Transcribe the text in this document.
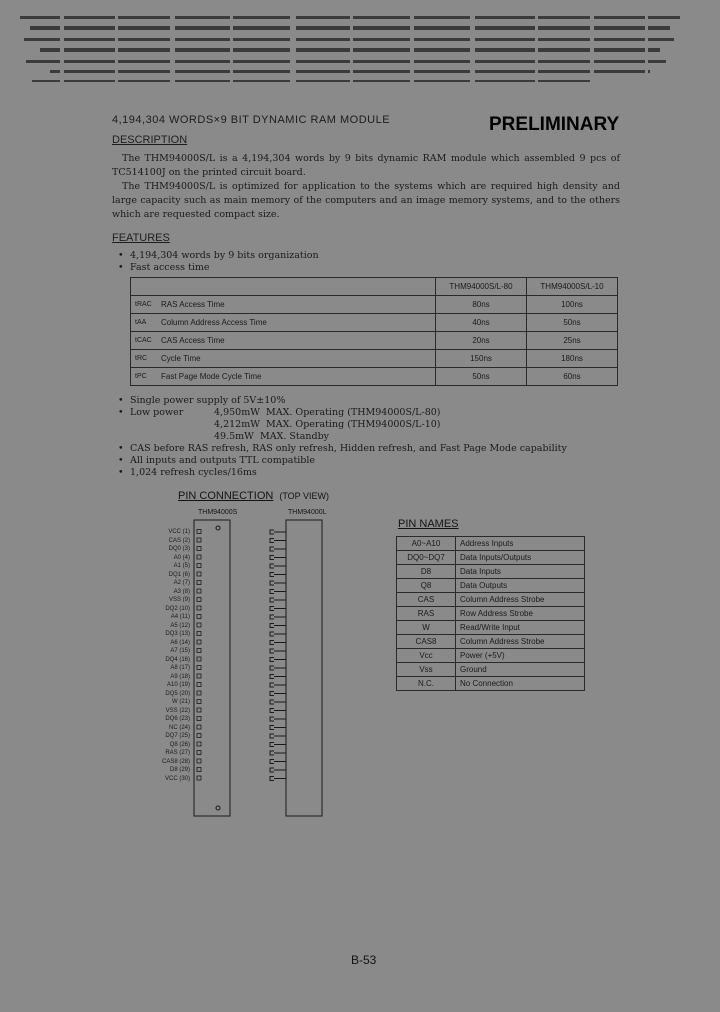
4,194,304 WORDS×9 BIT DYNAMIC RAM MODULE	PRELIMINARY
DESCRIPTION
The THM94000S/L is a 4,194,304 words by 9 bits dynamic RAM module which assembled 9 pcs of TC514100J on the printed circuit board.
The THM94000S/L is optimized for application to the systems which are required high density and large capacity such as main memory of the computers and an image memory systems, and to the others which are requested compact size.
FEATURES
• 4,194,304 words by 9 bits organization
• Fast access time
		THM94000S/L-80	THM94000S/L-10
tRAC	RAS Access Time	80ns	100ns
tAA	Column Address Access Time	40ns	50ns
tCAC	CAS Access Time	20ns	25ns
tRC	Cycle Time	150ns	180ns
tPC	Fast Page Mode Cycle Time	50ns	60ns
• Single power supply of 5V±10%
• Low power	4,950mW MAX. Operating (THM94000S/L-80)
4,212mW MAX. Operating (THM94000S/L-10)
49.5mW MAX. Standby
• CAS before RAS refresh, RAS only refresh, Hidden refresh, and Fast Page Mode capability
• All inputs and outputs TTL compatible
• 1,024 refresh cycles/16ms
PIN CONNECTION (TOP VIEW)
THM94000S	THM94000L
VCC (1)
CAS (2)
DQ0 (3)
A0 (4)
A1 (5)
DQ1 (6)
A2 (7)
A3 (8)
VSS (9)
DQ2 (10)
A4 (11)
A5 (12)
DQ3 (13)
A6 (14)
A7 (15)
DQ4 (16)
A8 (17)
A9 (18)
A10 (19)
DQ5 (20)
W (21)
VSS (22)
DQ6 (23)
NC (24)
DQ7 (25)
Q8 (26)
RAS (27)
CAS8 (28)
D8 (29)
VCC (30)
PIN NAMES
A0~A10	Address Inputs
DQ0~DQ7	Data Inputs/Outputs
D8	Data Inputs
Q8	Data Outputs
CAS	Column Address Strobe
RAS	Row Address Strobe
W	Read/Write Input
CAS8	Column Address Strobe
Vcc	Power (+5V)
Vss	Ground
N.C.	No Connection
B-53
